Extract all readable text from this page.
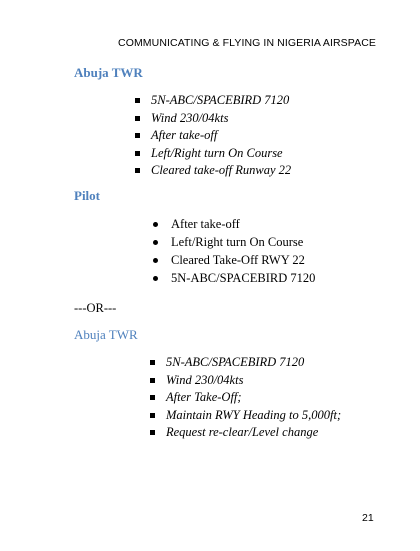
COMMUNICATING & FLYING IN NIGERIA AIRSPACE
Abuja TWR
5N-ABC/SPACEBIRD 7120
Wind 230/04kts
After take-off
Left/Right turn On Course
Cleared take-off Runway 22
Pilot
After take-off
Left/Right turn On Course
Cleared Take-Off RWY 22
5N-ABC/SPACEBIRD 7120
---OR---
Abuja TWR
5N-ABC/SPACEBIRD 7120
Wind 230/04kts
After Take-Off;
Maintain RWY Heading to 5,000ft;
Request re-clear/Level change
21
